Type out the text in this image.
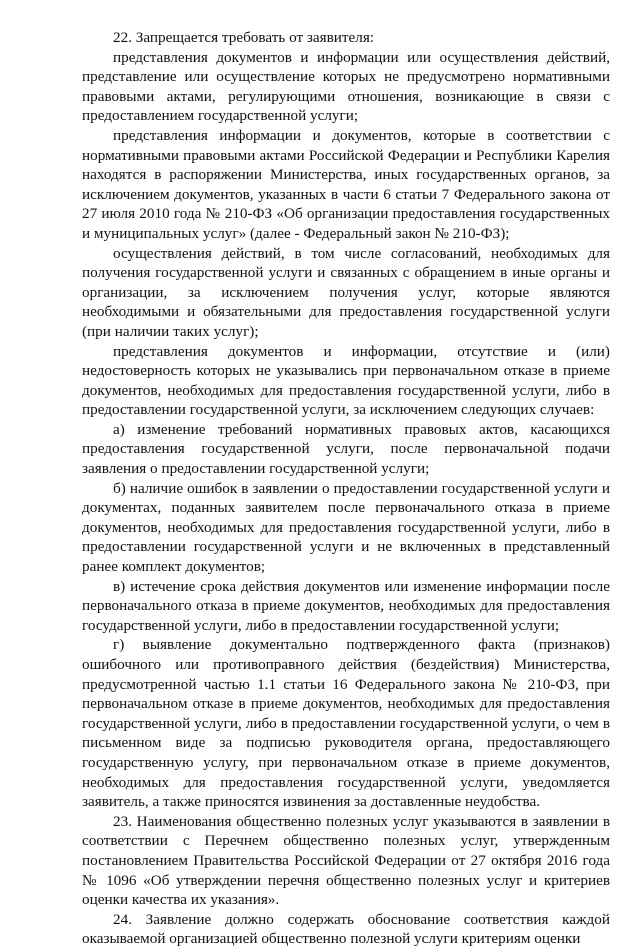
22. Запрещается требовать от заявителя:

представления документов и информации или осуществления действий, представление или осуществление которых не предусмотрено нормативными правовыми актами, регулирующими отношения, возникающие в связи с предоставлением государственной услуги;

представления информации и документов, которые в соответствии с нормативными правовыми актами Российской Федерации и Республики Карелия находятся в распоряжении Министерства, иных государственных органов, за исключением документов, указанных в части 6 статьи 7 Федерального закона от 27 июля 2010 года № 210-ФЗ «Об организации предоставления государственных и муниципальных услуг» (далее - Федеральный закон № 210-ФЗ);

осуществления действий, в том числе согласований, необходимых для получения государственной услуги и связанных с обращением в иные органы и организации, за исключением получения услуг, которые являются необходимыми и обязательными для предоставления государственной услуги (при наличии таких услуг);

представления документов и информации, отсутствие и (или) недостоверность которых не указывались при первоначальном отказе в приеме документов, необходимых для предоставления государственной услуги, либо в предоставлении государственной услуги, за исключением следующих случаев:

а) изменение требований нормативных правовых актов, касающихся предоставления государственной услуги, после первоначальной подачи заявления о предоставлении государственной услуги;

б) наличие ошибок в заявлении о предоставлении государственной услуги и документах, поданных заявителем после первоначального отказа в приеме документов, необходимых для предоставления государственной услуги, либо в предоставлении государственной услуги и не включенных в представленный ранее комплект документов;

в) истечение срока действия документов или изменение информации после первоначального отказа в приеме документов, необходимых для предоставления государственной услуги, либо в предоставлении государственной услуги;

г) выявление документально подтвержденного факта (признаков) ошибочного или противоправного действия (бездействия) Министерства, предусмотренной частью 1.1 статьи 16 Федерального закона № 210-ФЗ, при первоначальном отказе в приеме документов, необходимых для предоставления государственной услуги, либо в предоставлении государственной услуги, о чем в письменном виде за подписью руководителя органа, предоставляющего государственную услугу, при первоначальном отказе в приеме документов, необходимых для предоставления государственной услуги, уведомляется заявитель, а также приносятся извинения за доставленные неудобства.

23. Наименования общественно полезных услуг указываются в заявлении в соответствии с Перечнем общественно полезных услуг, утвержденным постановлением Правительства Российской Федерации от 27 октября 2016 года № 1096 «Об утверждении перечня общественно полезных услуг и критериев оценки качества их указания».

24. Заявление должно содержать обоснование соответствия каждой оказываемой организацией общественно полезной услуги критериям оценки
